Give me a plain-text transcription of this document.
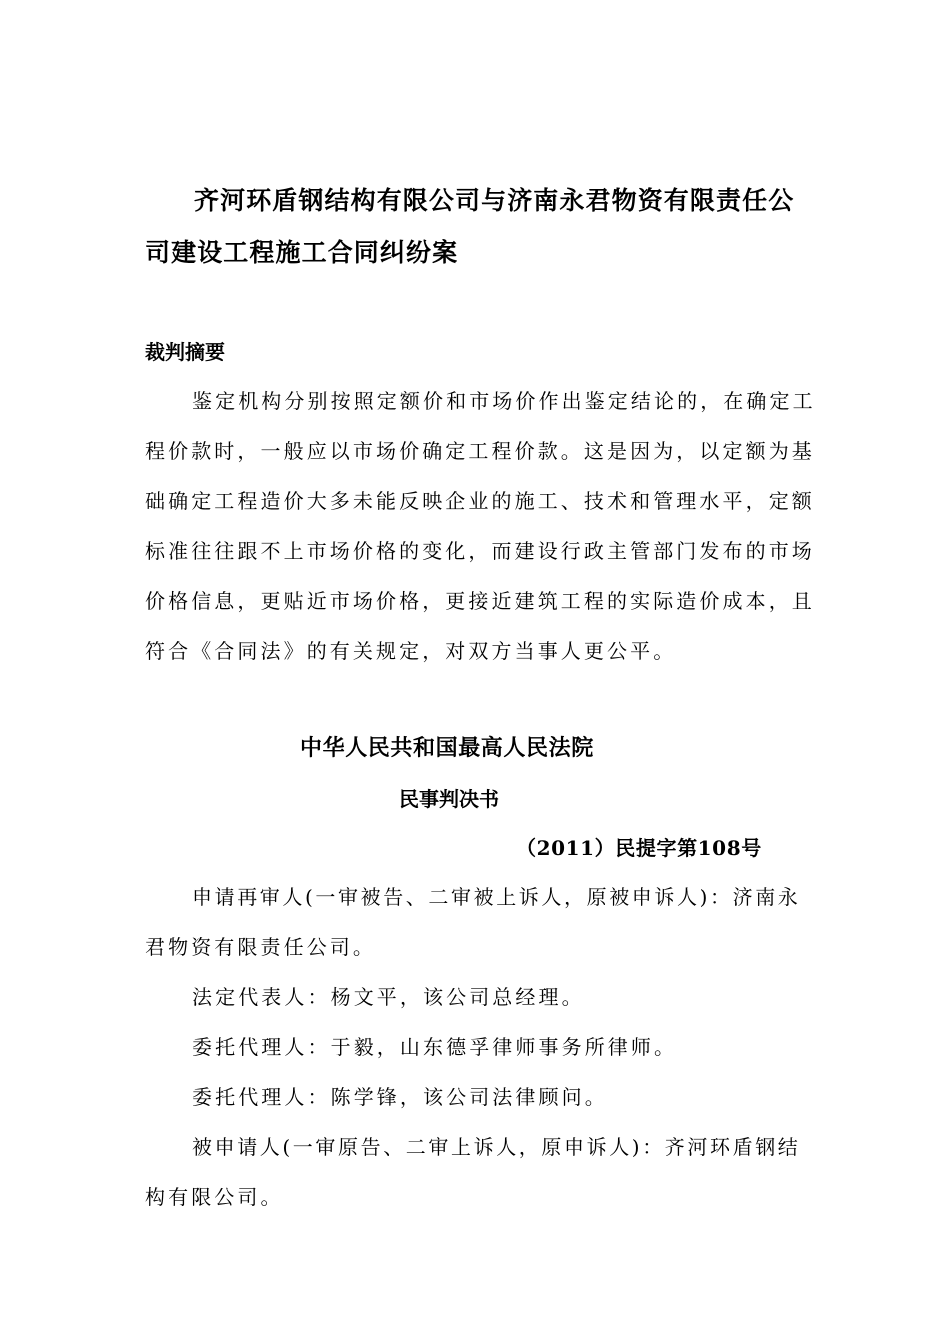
齐河环盾钢结构有限公司与济南永君物资有限责任公
司建设工程施工合同纠纷案
裁判摘要

鉴定机构分别按照定额价和市场价作出鉴定结论的，在确定工

程价款时，一般应以市场价确定工程价款。这是因为，以定额为基

础确定工程造价大多未能反映企业的施工、技术和管理水平，定额

标准往往跟不上市场价格的变化，而建设行政主管部门发布的市场

价格信息，更贴近市场价格，更接近建筑工程的实际造价成本，且

符合《合同法》的有关规定，对双方当事人更公平。

中华人民共和国最高人民法院
民事判决书

（2011）民提字第108号

申请再审人(一审被告、二审被上诉人，原被申诉人)：济南永

君物资有限责任公司。

法定代表人：杨文平，该公司总经理。

委托代理人：于毅，山东德孚律师事务所律师。

委托代理人：陈学锋，该公司法律顾问。

被申请人(一审原告、二审上诉人，原申诉人)：齐河环盾钢结

构有限公司。
